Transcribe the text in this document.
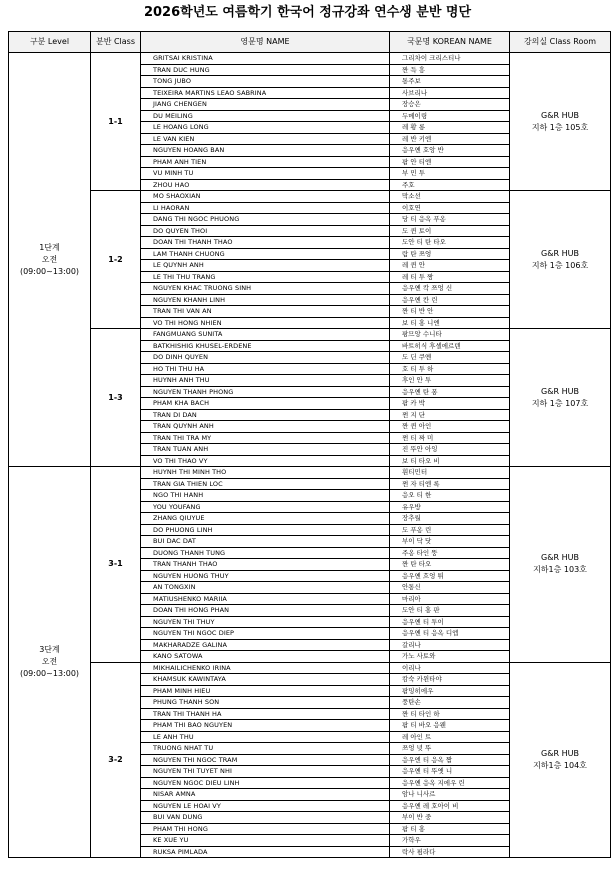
2026학년도 여름학기 한국어 정규강좌 연수생 분반 명단
구분 Level	분반 Class	영문명 NAME	국문명 KOREAN NAME	강의실 Class Room

1단계
오전
(09:00~13:00)	1-1	GRITSAI KRISTINA	그리차이 크리스티나	G&R HUB
지하 1층 105호

		TRAN DUC HUNG	짠 득 흥	
		TONG JUBO	통주보	
		TEIXEIRA MARTINS LEAO SABRINA	사브리나	
		JIANG CHENGEN	장승은	
		DU MEILING	두메이링	
		LE HOANG LONG	레 황 롱	
		LE VAN KIEN	레 반 키엔	
		NGUYEN HOANG BAN	응우옌 호앙 반	
		PHAM ANH TIEN	팜 안 티엔	
		VU MINH TU	부 민 투	
		ZHOU HAO	주호	
	1-2	MO SHAOXIAN	막소선	G&R HUB
지하 1층 106호

		LI HAORAN	이호연	
		DANG THI NGOC PHUONG	당 티 응옥 푸옹	
		DO QUYEN THOI	도 퀸 토이	
		DOAN THI THANH THAO	도안 티 탄 타오	
		LAM THANH CHUONG	람 탄 쯔엉	
		LE QUYNH ANH	레 퀸 안	
		LE THI THU TRANG	레 티 투 짱	
		NGUYEN KHAC TRUONG SINH	응우옌 칵 쯔엉 신	
		NGUYEN KHANH LINH	응우옌 칸 린	
		TRAN THI VAN AN	짠 티 반 안	
		VO THI HONG NHIEN	보 티 홍 니엔	
	1-3	FANGMUANG SUNITA	팡므앙 수니타	G&R HUB
지하 1층 107호

		BATKHISHIG KHUSEL-ERDENE	바트히식 후셀에르덴	
		DO DINH QUYEN	도 딘 쿠옌	
		HO THI THU HA	호 티 투 하	
		HUYNH ANH THU	후인 안 투	
		NGUYEN THANH PHONG	응우옌 탄 퐁	
		PHAM KHA BACH	팜 카 박	
		TRAN DI DAN	쩐 지 단	
		TRAN QUYNH ANH	짠 퀸 아인	
		TRAN THI TRA MY	쩐 티 짜 미	
		TRAN TUAN ANH	진 뚜안 아잉	
		VO THI THAO VY	보 티 타오 비	

3단계
오전
(09:00~13:00)	3-1	HUYNH THI MINH THO	휜티민터	G&R HUB
지하1층 103호

		TRAN GIA THIEN LOC	쩐 자 티엔 록	
		NGO THI HANH	응오 티 한	
		YOU YOUFANG	유우방	
		ZHANG QIUYUE	장추월	
		DO PHUONG LINH	도 푸옹 린	
		BUI DAC DAT	부이 닥 닷	
		DUONG THANH TUNG	주옹 타인 뚱	
		TRAN THANH THAO	짠 탄 타오	
		NGUYEN HUONG THUY	응우옌 흐엉 튀	
		AN TONGXIN	안통신	
		MATIUSHENKO MARIIA	마리아	
		DOAN THI HONG PHAN	도안 티 홍 판	
		NGUYEN THI THUY	응우옌 티 투이	
		NGUYEN THI NGOC DIEP	응우옌 티 응옥 디엡	
		MAKHARADZE GALINA	갈리나	
		KANO SATOWA	가노 사토와	
	3-2	MIKHAILICHENKO IRINA	이리나	G&R HUB
지하1층 104호

		KHAMSUK KAWINTAYA	캄숙 카윈타야	
		PHAM MINH HIEU	팜밍히에우	
		PHUNG THANH SON	풍탄손	
		TRAN THI THANH HA	짠 티 타인 하	
		PHAM THI BAO NGUYEN	팜 티 바오 응웬	
		LE ANH THU	레 아인 트	
		TRUONG NHAT TU	쯔엉 녓 뚜	
		NGUYEN THI NGOC TRAM	응우엔 티 응옥 짬	
		NGUYEN THI TUYET NHI	응우옌 티 뚜옛 니	
		NGUYEN NGOC DIEU LINH	응우옌 응옥 지에우 린	
		NISAR AMNA	암나 니사르	
		NGUYEN LE HOAI VY	응우옌 레 호아이 비	
		BUI VAN DUNG	부이 반 중	
		PHAM THI HONG	팜 티 홍	
		KE XUE YU	가학우	
		RUKSA PIMLADA	락사 핌라다	
